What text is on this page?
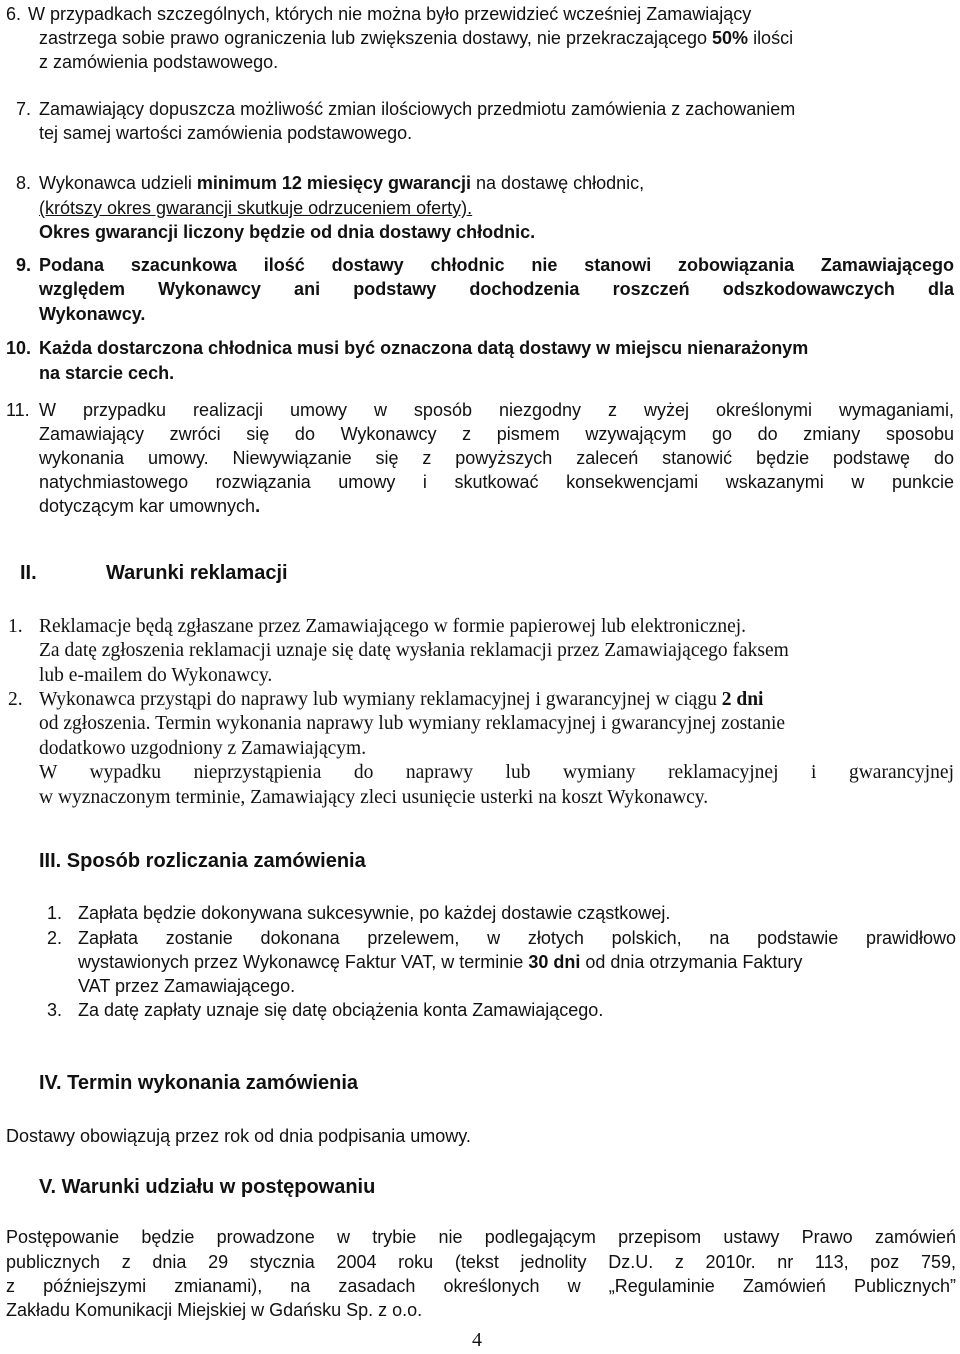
6. W przypadkach szczególnych, których nie można było przewidzieć wcześniej Zamawiający
zastrzega sobie prawo ograniczenia lub zwiększenia dostawy, nie przekraczającego 50% ilości
z zamówienia podstawowego.
7. Zamawiający dopuszcza możliwość zmian ilościowych przedmiotu zamówienia z zachowaniem
tej samej wartości zamówienia podstawowego.
8. Wykonawca udzieli minimum 12 miesięcy gwarancji na dostawę chłodnic,
(krótszy okres gwarancji skutkuje odrzuceniem oferty).
Okres gwarancji liczony będzie od dnia dostawy chłodnic.
9. Podana szacunkowa ilość dostawy chłodnic nie stanowi zobowiązania Zamawiającego
względem Wykonawcy ani podstawy dochodzenia roszczeń odszkodowawczych dla
Wykonawcy.
10. Każda dostarczona chłodnica musi być oznaczona datą dostawy w miejscu nienarażonym
na starcie cech.
11. W przypadku realizacji umowy w sposób niezgodny z wyżej określonymi wymaganiami,
Zamawiający zwróci się do Wykonawcy z pismem wzywającym go do zmiany sposobu
wykonania umowy. Niewywiązanie się z powyższych zaleceń stanowić będzie podstawę do
natychmiastowego rozwiązania umowy i skutkować konsekwencjami wskazanymi w punkcie
dotyczącym kar umownych.
II.	Warunki reklamacji
1. Reklamacje będą zgłaszane przez Zamawiającego w formie papierowej lub elektronicznej.
Za datę zgłoszenia reklamacji uznaje się datę wysłania reklamacji przez Zamawiającego faksem
lub e-mailem do Wykonawcy.
2. Wykonawca przystąpi do naprawy lub wymiany reklamacyjnej i gwarancyjnej w ciągu 2 dni
od zgłoszenia. Termin wykonania naprawy lub wymiany reklamacyjnej i gwarancyjnej zostanie
dodatkowo uzgodniony z Zamawiającym.
W wypadku nieprzystąpienia do naprawy lub wymiany reklamacyjnej i gwarancyjnej
w wyznaczonym terminie, Zamawiający zleci usunięcie usterki na koszt Wykonawcy.
III. Sposób rozliczania zamówienia
1. Zapłata będzie dokonywana sukcesywnie, po każdej dostawie cząstkowej.
2. Zapłata zostanie dokonana przelewem, w złotych polskich, na podstawie prawidłowo
wystawionych przez Wykonawcę Faktur VAT, w terminie 30 dni od dnia otrzymania Faktury
VAT przez Zamawiającego.
3. Za datę zapłaty uznaje się datę obciążenia konta Zamawiającego.
IV. Termin wykonania zamówienia
Dostawy obowiązują przez rok od dnia podpisania umowy.
V. Warunki udziału w postępowaniu
Postępowanie będzie prowadzone w trybie nie podlegającym przepisom ustawy Prawo zamówień
publicznych z dnia 29 stycznia 2004 roku (tekst jednolity Dz.U. z 2010r. nr 113, poz 759,
z późniejszymi zmianami), na zasadach określonych w „Regulaminie Zamówień Publicznych”
Zakładu Komunikacji Miejskiej w Gdańsku Sp. z o.o.
4
